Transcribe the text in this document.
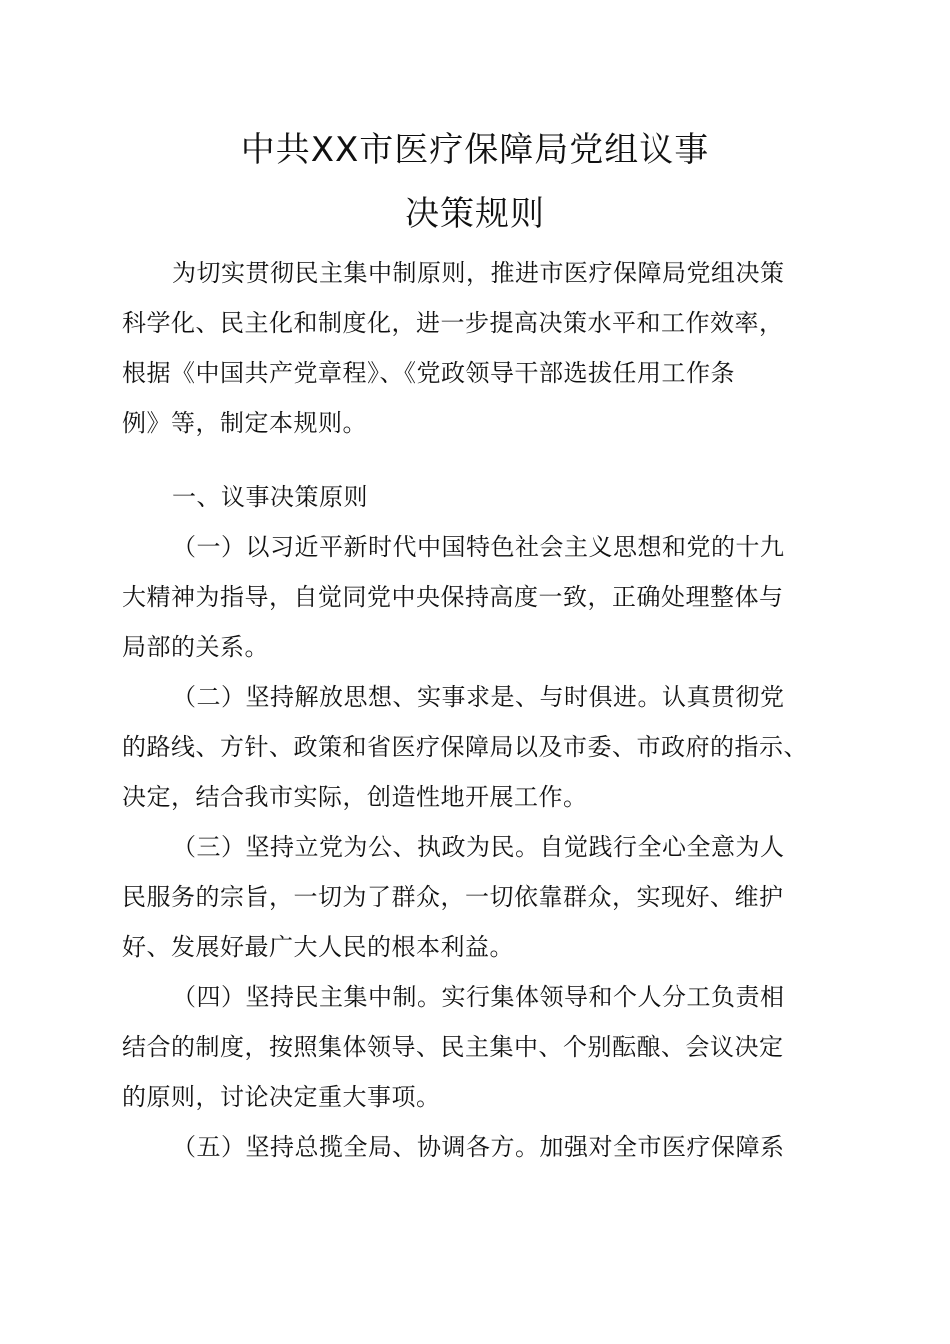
中共XX市医疗保障局党组议事
决策规则
为切实贯彻民主集中制原则，推进市医疗保障局党组决策
科学化、民主化和制度化，进一步提高决策水平和工作效率，
根据《中国共产党章程》、《党政领导干部选拔任用工作条
例》等，制定本规则。
一、议事决策原则
（一）以习近平新时代中国特色社会主义思想和党的十九
大精神为指导，自觉同党中央保持高度一致，正确处理整体与
局部的关系。
（二）坚持解放思想、实事求是、与时俱进。认真贯彻党
的路线、方针、政策和省医疗保障局以及市委、市政府的指示、
决定，结合我市实际，创造性地开展工作。
（三）坚持立党为公、执政为民。自觉践行全心全意为人
民服务的宗旨，一切为了群众，一切依靠群众，实现好、维护
好、发展好最广大人民的根本利益。
（四）坚持民主集中制。实行集体领导和个人分工负责相
结合的制度，按照集体领导、民主集中、个别酝酿、会议决定
的原则，讨论决定重大事项。
（五）坚持总揽全局、协调各方。加强对全市医疗保障系
